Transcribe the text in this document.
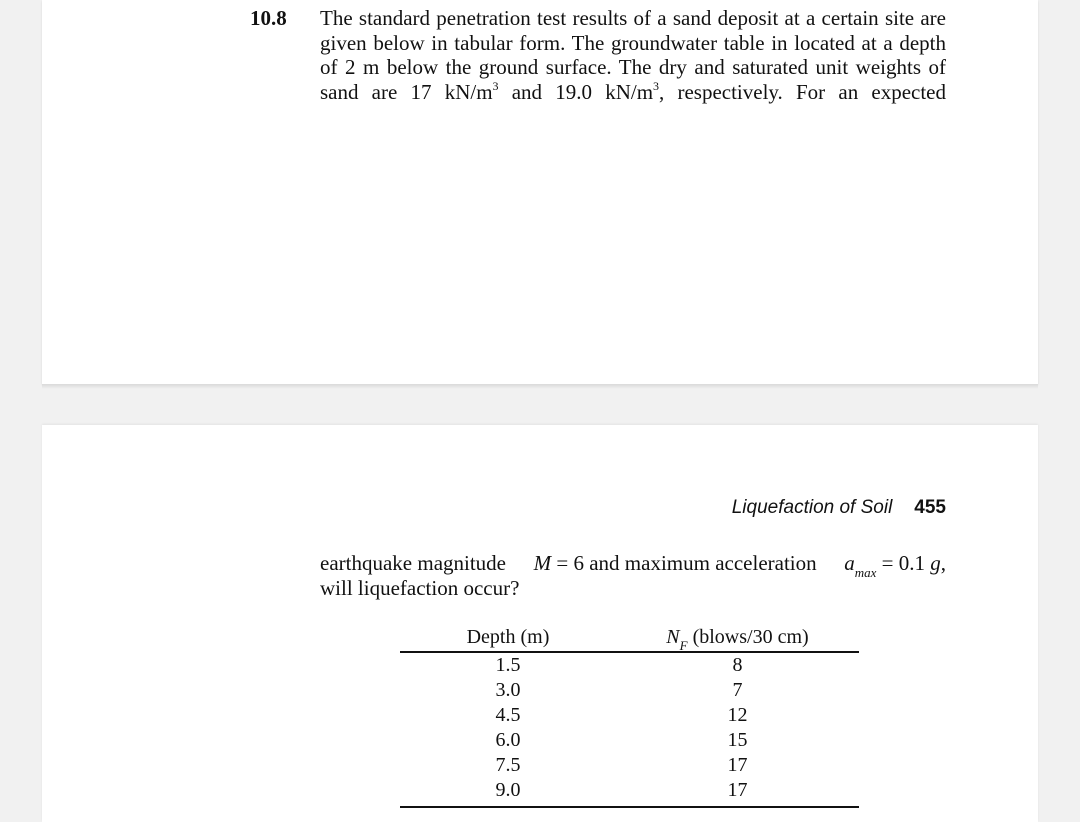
10.8 The standard penetration test results of a sand deposit at a certain site are
given below in tabular form. The groundwater table in located at a depth
of 2 m below the ground surface. The dry and saturated unit weights of
sand are 17 $kN/m^3$ and 19.0 $kN/m^3$, respectively. For an expected
Liquefaction of Soil 455
earthquake magnitude M = 6 and maximum acceleration $a_{max} = 0.1$ g,
will liquefaction occur?
Depth (m)	$N_F$ (blows/30 cm)
1.5	8
3.0	7
4.5	12
6.0	15
7.5	17
9.0	17
